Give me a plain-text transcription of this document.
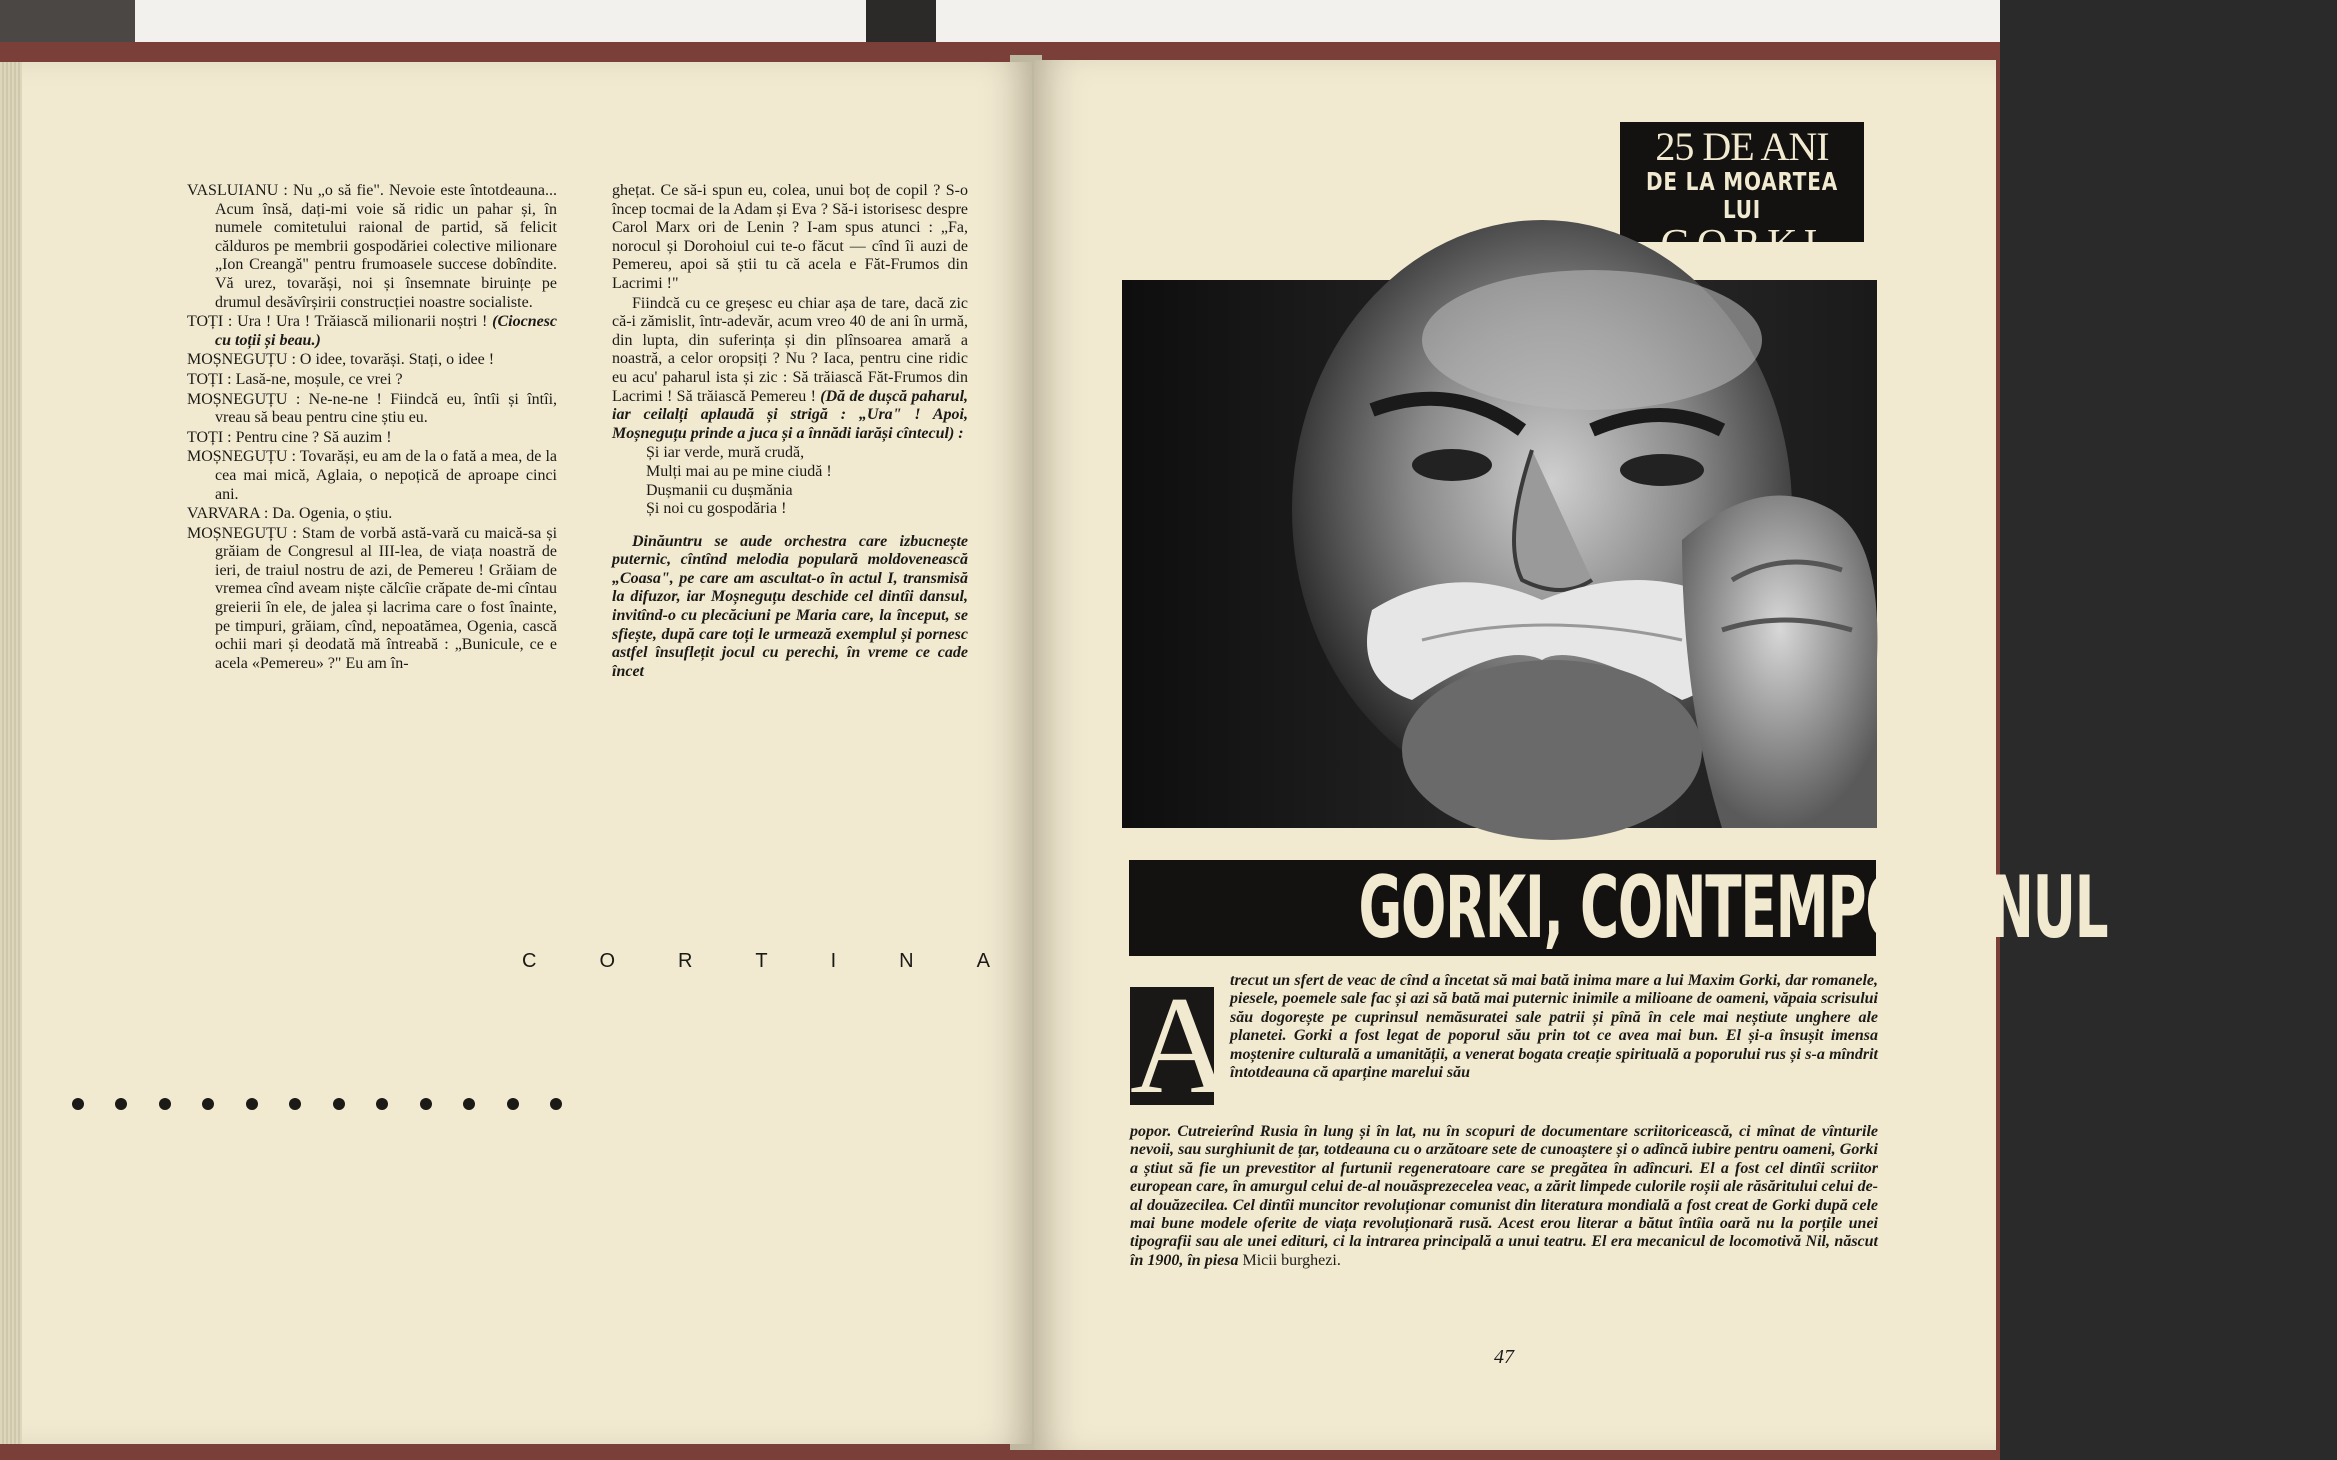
VASLUIANU : Nu „o să fie". Nevoie este întotdeauna... Acum însă, dați-mi voie să ridic un pahar și, în numele comitetului raional de partid, să felicit călduros pe membrii gospodăriei colective milionare „Ion Creangă" pentru frumoasele succese dobîndite. Vă urez, tovarăși, noi și însemnate biruințe pe drumul desăvîrșirii construcției noastre socialiste.

TOȚI : Ura ! Ura ! Trăiască milionarii noștri ! (Ciocnesc cu toții și beau.)

MOȘNEGUȚU : O idee, tovarăși. Stați, o idee !

TOȚI : Lasă-ne, moșule, ce vrei ?

MOȘNEGUȚU : Ne-ne-ne ! Fiindcă eu, întîi și întîi, vreau să beau pentru cine știu eu.

TOȚI : Pentru cine ? Să auzim !

MOȘNEGUȚU : Tovarăși, eu am de la o fată a mea, de la cea mai mică, Aglaia, o nepoțică de aproape cinci ani.

VARVARA : Da. Ogenia, o știu.

MOȘNEGUȚU : Stam de vorbă astă-vară cu maică-sa și grăiam de Congresul al III-lea, de viața noastră de ieri, de traiul nostru de azi, de Pemereu ! Grăiam de vremea cînd aveam niște călcîie crăpate de-mi cîntau greierii în ele, de jalea și lacrima care o fost înainte, pe timpuri, grăiam, cînd, nepoatămea, Ogenia, cască ochii mari și deodată mă întreabă : „Bunicule, ce e acela «Pemereu» ?" Eu am în-

ghețat. Ce să-i spun eu, colea, unui boț de copil ? S-o încep tocmai de la Adam și Eva ? Să-i istorisesc despre Carol Marx ori de Lenin ? I-am spus atunci : „Fa, norocul și Dorohoiul cui te-o făcut — cînd îi auzi de Pemereu, apoi să știi tu că acela e Făt-Frumos din Lacrimi !"

Fiindcă cu ce greșesc eu chiar așa de tare, dacă zic că-i zămislit, într-adevăr, acum vreo 40 de ani în urmă, din lupta, din suferința și din plînsoarea amară a noastră, a celor oropsiți ? Nu ? Iaca, pentru cine ridic eu acu' paharul ista și zic : Să trăiască Făt-Frumos din Lacrimi ! Să trăiască Pemereu ! (Dă de dușcă paharul, iar ceilalți aplaudă și strigă : „Ura" ! Apoi, Moșneguțu prinde a juca și a înnădi iarăși cîntecul) :

Și iar verde, mură crudă,
Mulți mai au pe mine ciudă !
Dușmanii cu dușmănia
Și noi cu gospodăria !

Dinăuntru se aude orchestra care izbucnește puternic, cîntînd melodia populară moldovenească „Coasa", pe care am ascultat-o în actul I, transmisă la difuzor, iar Moșneguțu deschide cel dintîi dansul, invitînd-o cu plecăciuni pe Maria care, la început, se sfiește, după care toți le urmează exemplul și pornesc astfel însuflețit jocul cu perechi, în vreme ce cade încet

C	O	R	T	I	N	A
25 DE ANI
DE LA MOARTEA LUI
GORKI
GORKI, CONTEMPORANUL
A
trecut un sfert de veac de cînd a încetat să mai bată inima mare a lui Maxim Gorki, dar romanele, piesele, poemele sale fac și azi să bată mai puternic inimile a milioane de oameni, văpaia scrisului său dogorește pe cuprinsul nemăsuratei sale patrii și pînă în cele mai neștiute unghere ale planetei. Gorki a fost legat de poporul său prin tot ce avea mai bun. El și-a însușit imensa moștenire culturală a umanității, a venerat bogata creație spirituală a poporului rus și s-a mîndrit întotdeauna că aparține marelui său
popor. Cutreierînd Rusia în lung și în lat, nu în scopuri de documentare scriitoricească, ci mînat de vînturile nevoii, sau surghiunit de țar, totdeauna cu o arzătoare sete de cunoaștere și o adîncă iubire pentru oameni, Gorki a știut să fie un prevestitor al furtunii regeneratoare care se pregătea în adîncuri. El a fost cel dintîi scriitor european care, în amurgul celui de-al nouăsprezecelea veac, a zărit limpede culorile roșii ale răsăritului celui de-al douăzecilea. Cel dintîi muncitor revoluționar comunist din literatura mondială a fost creat de Gorki după cele mai bune modele oferite de viața revoluționară rusă. Acest erou literar a bătut întîia oară nu la porțile unei tipografii sau ale unei edituri, ci la intrarea principală a unui teatru. El era mecanicul de locomotivă Nil, născut în 1900, în piesa Micii burghezi.
47
